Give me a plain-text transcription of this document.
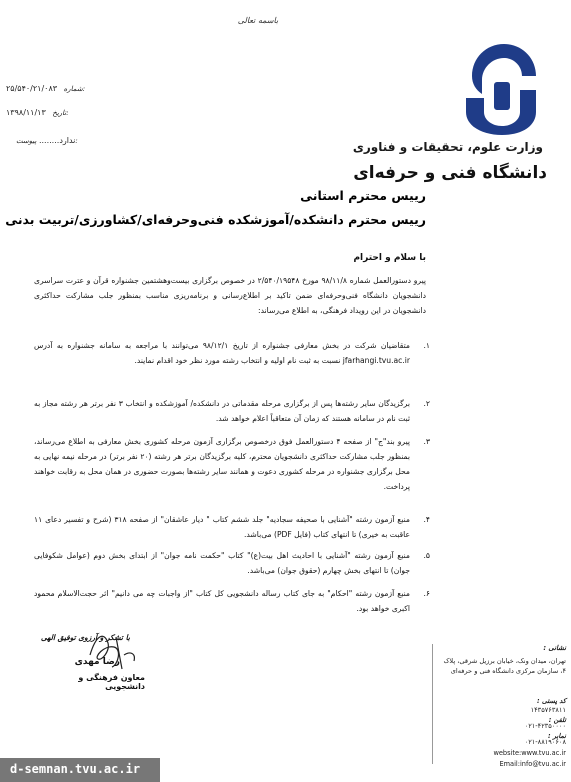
باسمه تعالی
وزارت علوم، تحقیقات و فناوری
دانشگاه فنی و حرفه‌ای
۲۵/۵۴۰/۲۱/۰۸۳ شماره:
۱۳۹۸/۱۱/۱۳ تاریخ:
ندارد........ پیوست:
رییس محترم استانی
رییس محترم دانشکده/آموزشکده فنی‌وحرفه‌ای/کشاورزی/تربیت بدنی
با سلام و احترام
پیرو دستورالعمل شماره ۹۸/۱۱/۸ مورخ ۲/۵۴۰/۱۹۵۴۸ در خصوص برگزاری بیست‌وهشتمین جشنواره قرآن و عترت سراسری دانشجویان دانشگاه فنی‌وحرفه‌ای ضمن تاکید بر اطلاع‌رسانی و برنامه‌ریزی مناسب بمنظور جلب مشارکت حداکثری دانشجویان در این رویداد فرهنگی، به اطلاع می‌رساند:
۱.
متقاضیان شرکت در بخش معارفی جشنواره از تاریخ ۹۸/۱۲/۱ می‌توانند با مراجعه به سامانه جشنواره به آدرس jfarhangi.tvu.ac.ir نسبت به ثبت نام اولیه و انتخاب رشته مورد نظر خود اقدام نمایند.
۲.
برگزیدگان سایر رشته‌ها پس از برگزاری مرحله مقدماتی در دانشکده/ آموزشکده و انتخاب ۳ نفر برتر هر رشته مجاز به ثبت نام در سامانه هستند که زمان آن متعاقباً اعلام خواهد شد.
۳.
پیرو بند"ج" از صفحه ۴ دستورالعمل فوق درخصوص برگزاری آزمون مرحله کشوری بخش معارفی به اطلاع می‌رساند، بمنظور جلب مشارکت حداکثری دانشجویان محترم، کلیه برگزیدگان برتر هر رشته (۲۰ نفر برتر) در مرحله نیمه نهایی به محل برگزاری جشنواره در مرحله کشوری دعوت و همانند سایر رشته‌ها بصورت حضوری در همان محل به رقابت خواهند پرداخت.
۴.
منبع آزمون رشته "آشنایی با صحیفه سجادیه" جلد ششم کتاب " دیار عاشقان" از صفحه ۳۱۸ (شرح و تفسیر دعای ۱۱ عاقبت به خیری) تا انتهای کتاب (فایل PDF) می‌باشد.
۵.
منبع آزمون رشته "آشنایی با احادیث اهل بیت(ع)" کتاب "حکمت نامه جوان" از ابتدای بخش دوم (عوامل شکوفایی جوان) تا انتهای بخش چهارم (حقوق جوان) می‌باشد.
۶.
منبع آزمون رشته "احکام" به جای کتاب رساله دانشجویی کل کتاب "از واجبات چه می دانیم" اثر حجت‌الاسلام محمود اکبری خواهد بود.
با تشکر و آرزوی توفیق الهی
رضا مهدی
معاون فرهنگی و دانشجویی
نشانی :
تهران، میدان ونک، خیابان برزیل شرقی، پلاک ۴، سازمان مرکزی دانشگاه فنی و حرفه‌ای
کد پستی :
۱۴۳۵۷۶۳۸۱۱
تلفن :
۰۲۱-۴۲۳۵۰۰۰۰
نمابر :
۰۲۱-۸۸۱۹۰۶۰۸
website:www.tvu.ac.ir
Email:info@tvu.ac.ir
d-semnan.tvu.ac.ir
